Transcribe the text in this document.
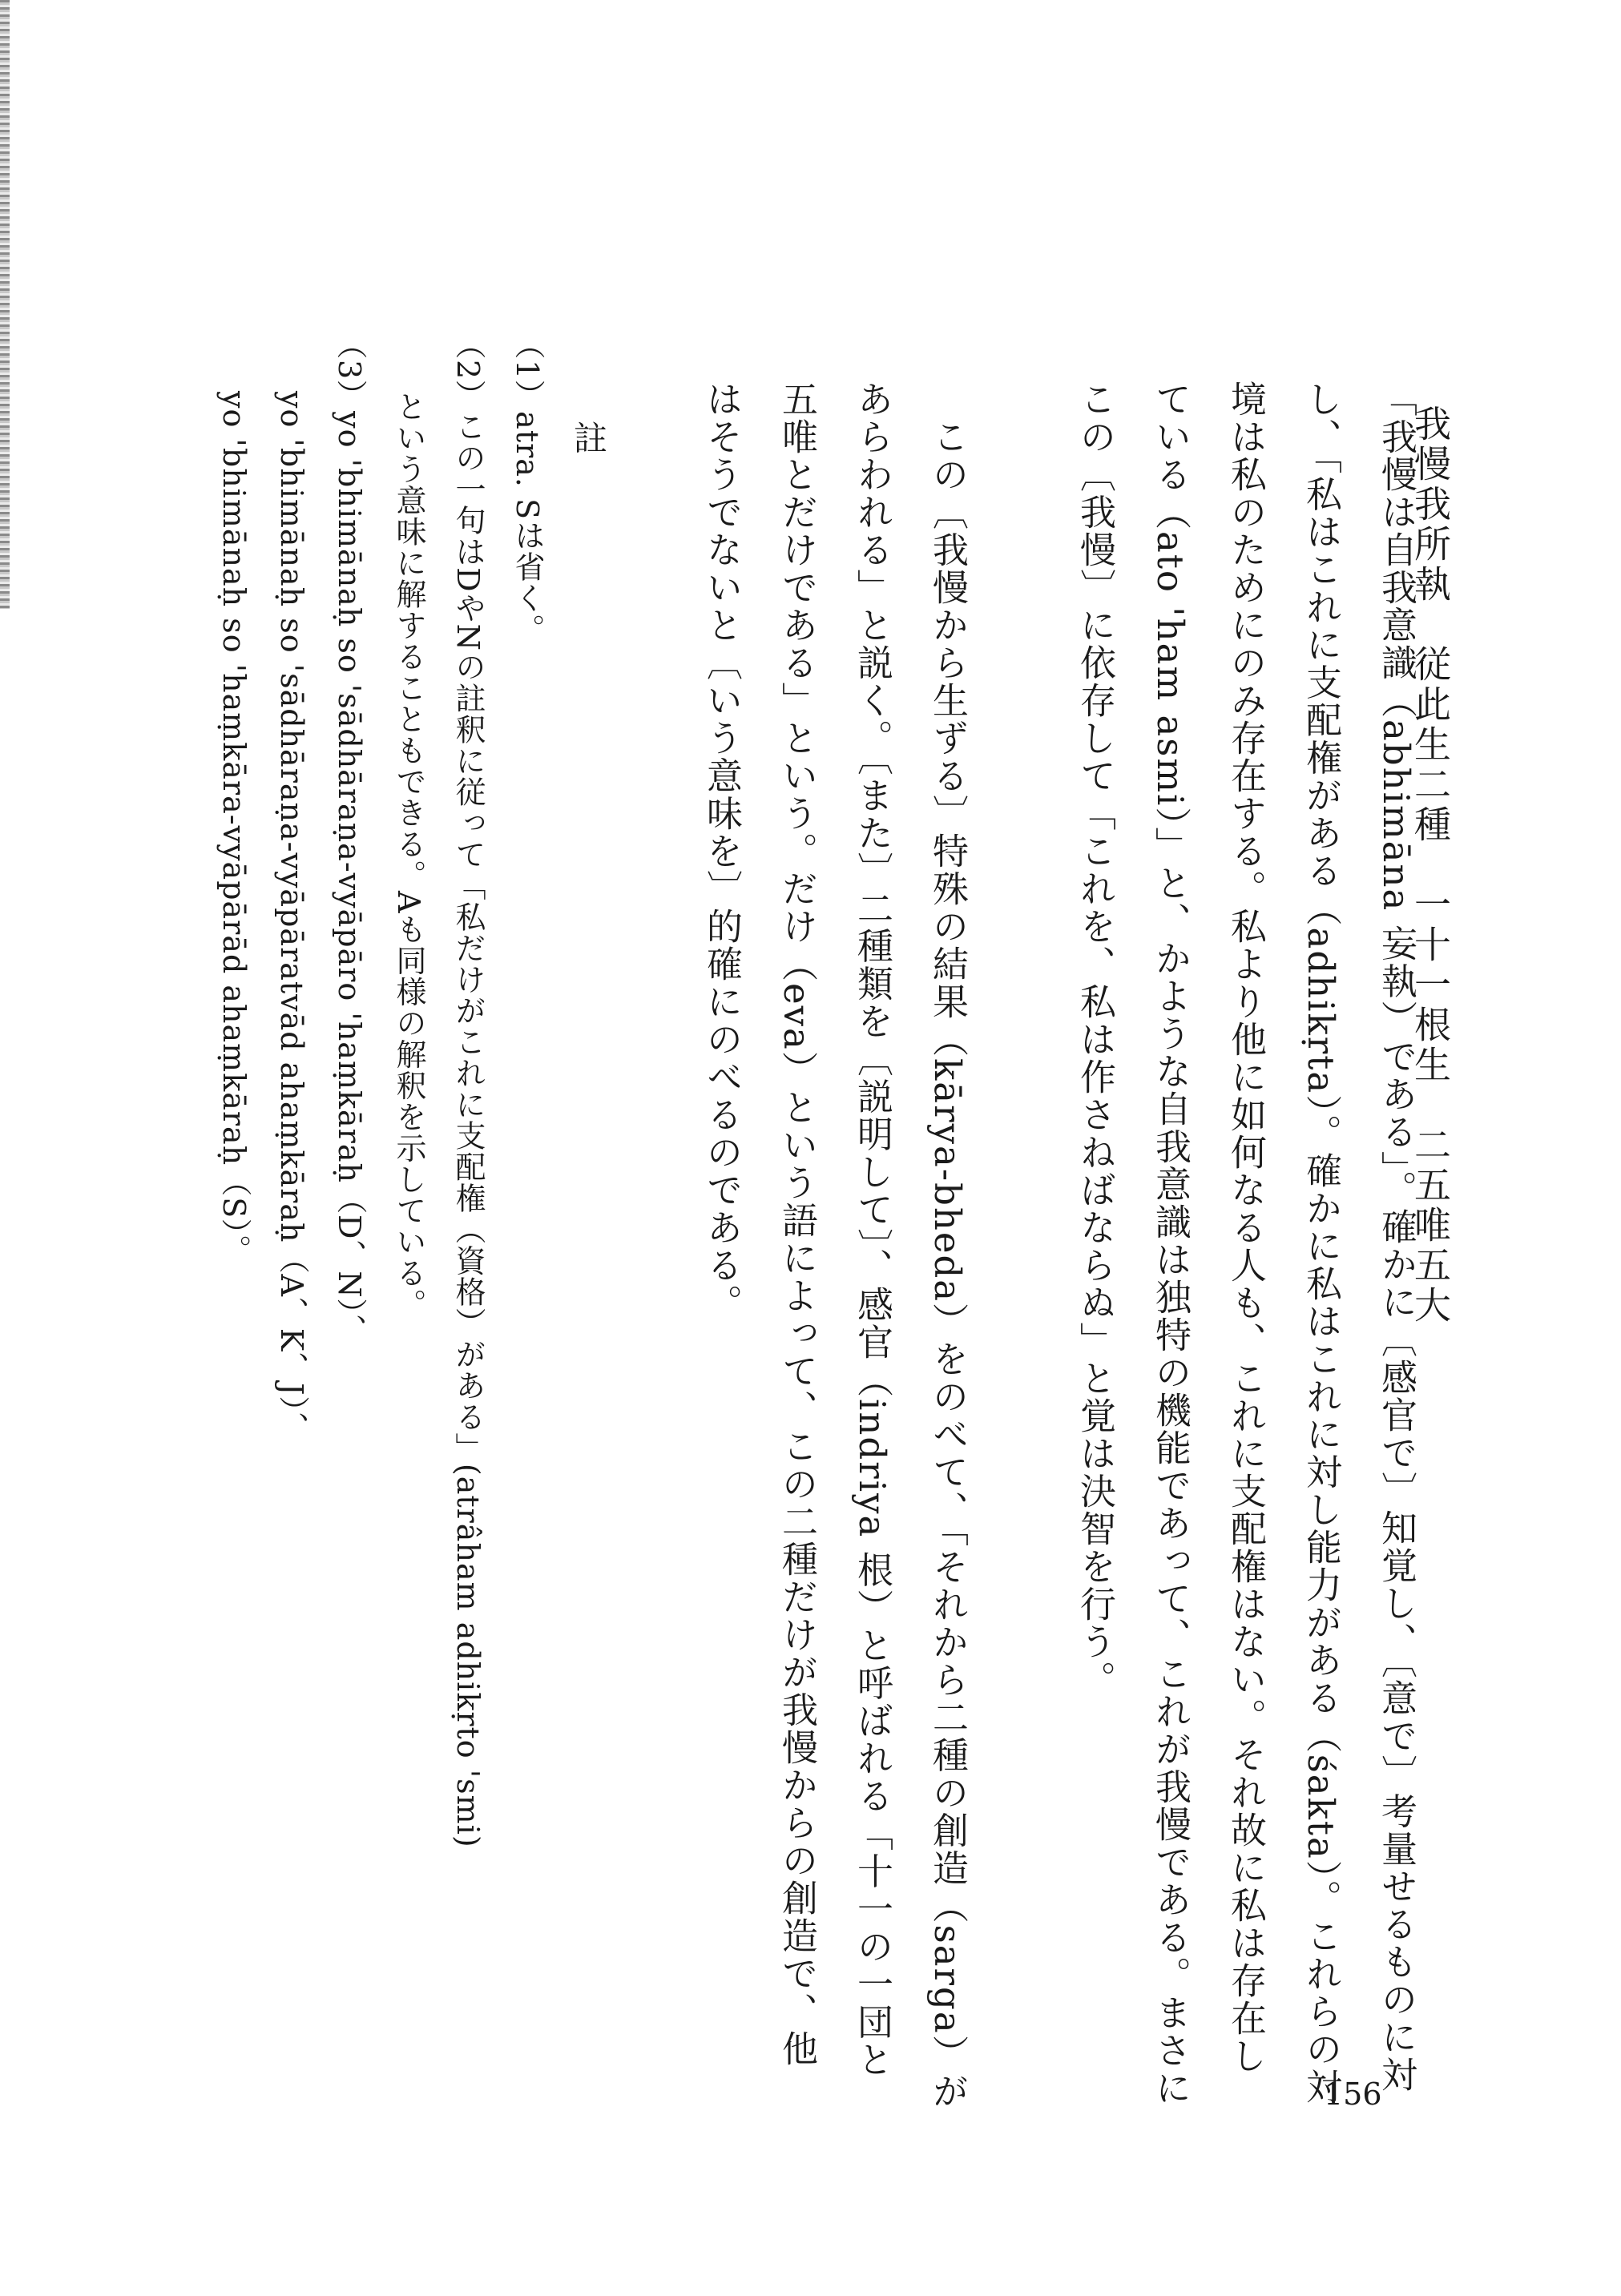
我慢我所執　従此生二種　一十一根生　二五唯五大
「我慢は自我意識（abhimāna 妄執）である」。確かに〔感官で〕知覚し、〔意で〕考量せるものに対
し、「私はこれに支配権がある（adhikṛta）。確かに私はこれに対し能力がある（śakta）。これらの対
境は私のためにのみ存在する。私より他に如何なる人も、これに支配権はない。それ故に私は存在し
ている（ato 'ham asmi）」と、かような自我意識は独特の機能であって、これが我慢である。まさに
この〔我慢〕に依存して「これを、私は作さねばならぬ」と覚は決智を行う。
　この〔我慢から生ずる〕特殊の結果（kārya-bheda）をのべて、「それから二種の創造（sarga）が
あらわれる」と説く。〔また〕二種類を〔説明して〕、感官（indriya 根）と呼ばれる「十一の一団と
五唯とだけである」という。だけ（eva）という語によって、この二種だけが我慢からの創造で、他
はそうでないと〔いう意味を〕的確にのべるのである。
註
（1）atra. Sは省く。
（2）この一句はDやNの註釈に従って「私だけがこれに支配権（資格）がある」(atrâham adhikṛto 'smi)
　　という意味に解することもできる。Aも同様の解釈を示している。
（3）yo 'bhimānaḥ so 'sādhāraṇa-vyāpāro 'haṃkāraḥ（D、N）、
　　yo 'bhimānaḥ so 'sādhāraṇa-vyāpāratvād ahaṃkāraḥ（A、K、J）、
　　yo 'bhimānaḥ so 'haṃkāra-vyāpārād ahaṃkāraḥ（S）。
156
